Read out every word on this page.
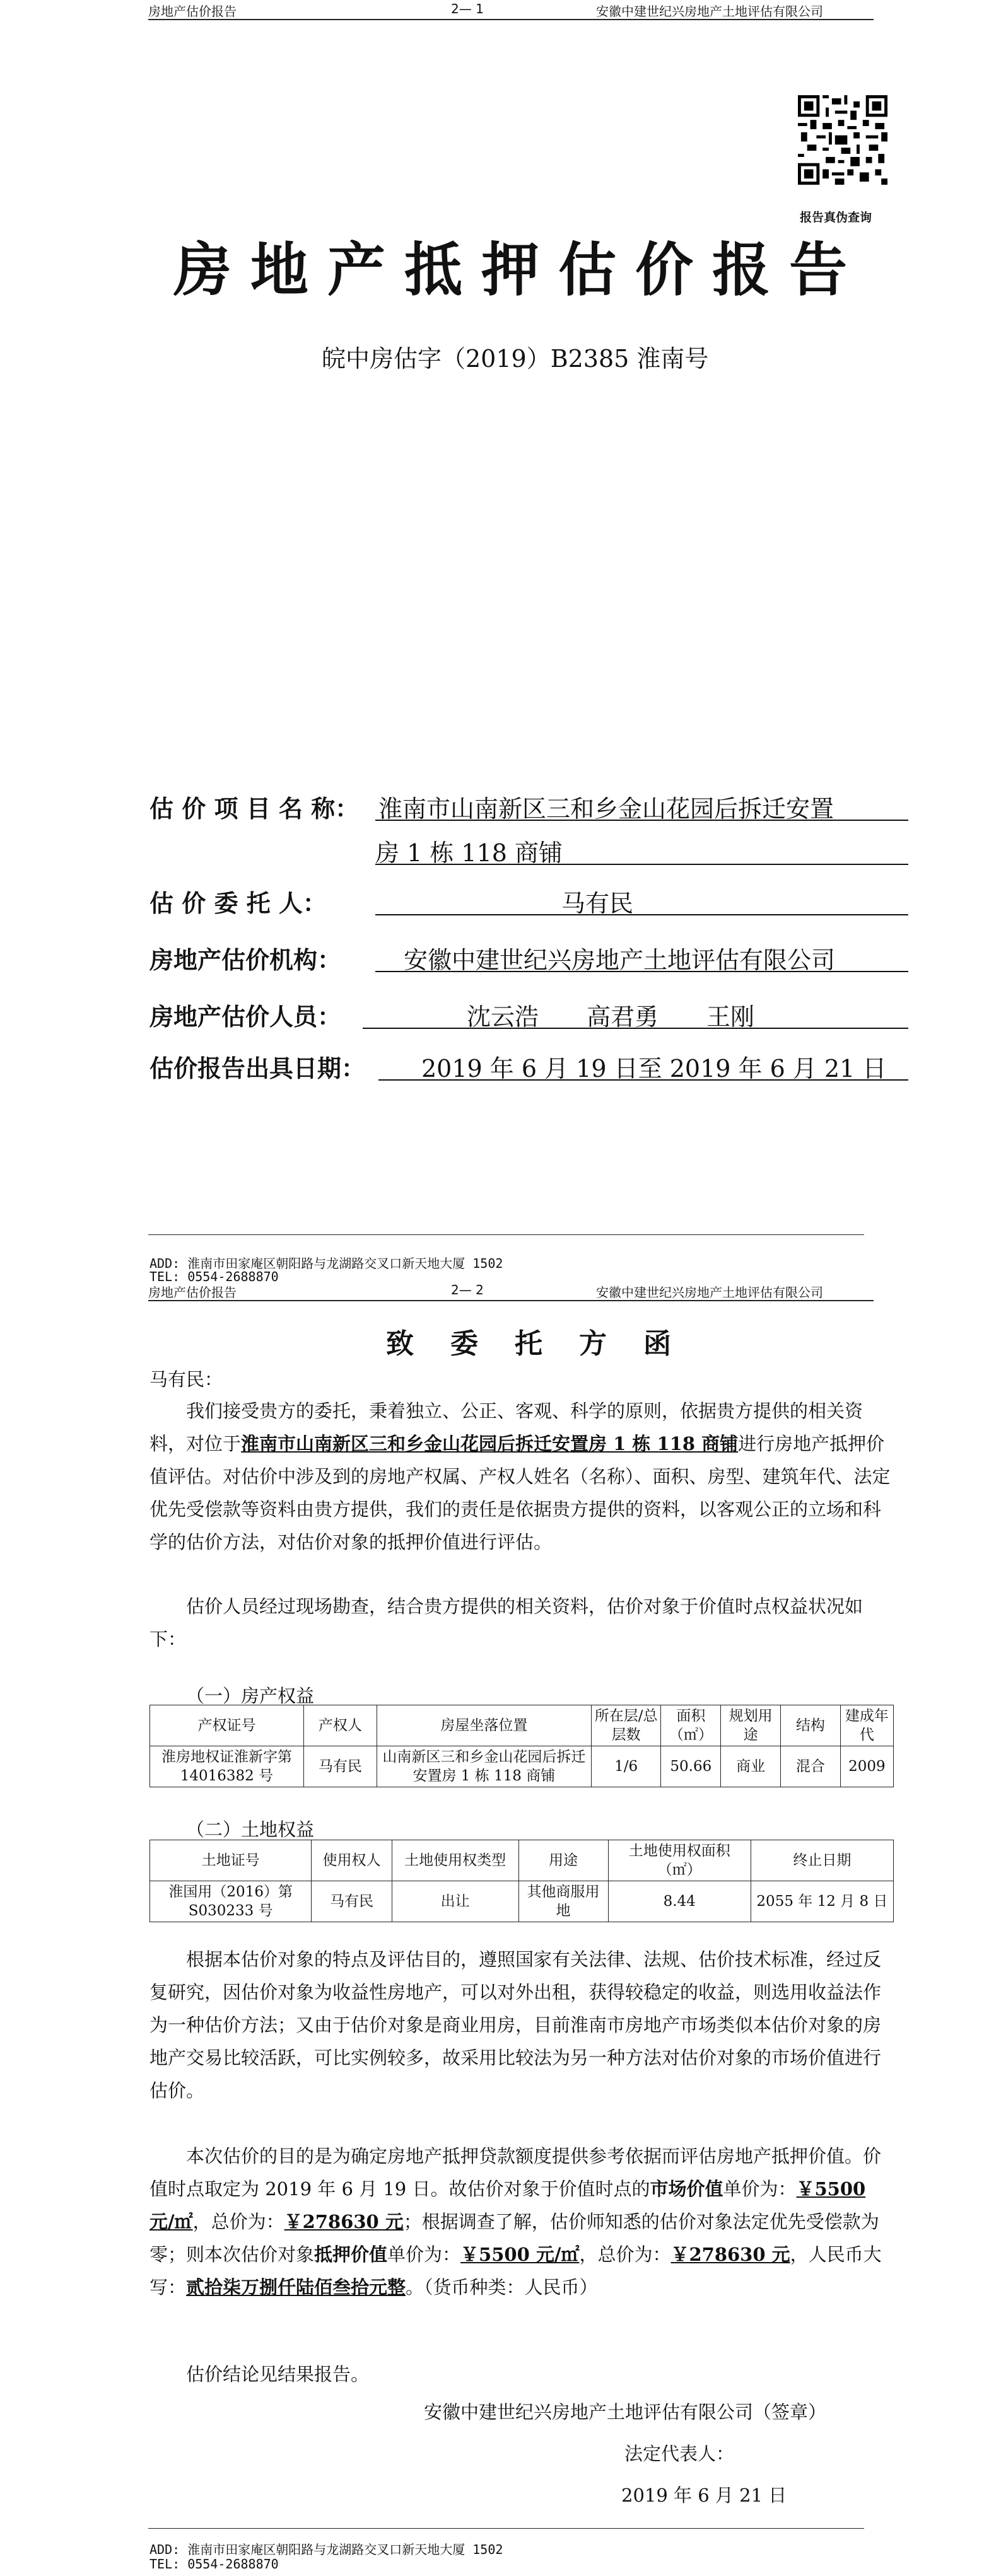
房地产估价报告	2— 1	安徽中建世纪兴房地产土地评估有限公司
报告真伪查询
房地产抵押估价报告
皖中房估字（2019）B2385 淮南号
估 价 项 目 名 称： 淮南市山南新区三和乡金山花园后拆迁安置
房 1 栋 118 商铺
估 价 委 托 人：	马有民
房地产估价机构：	安徽中建世纪兴房地产土地评估有限公司
房地产估价人员：	沈云浩　　高君勇　　王刚
估价报告出具日期： 2019 年 6 月 19 日至 2019 年 6 月 21 日
ADD: 淮南市田家庵区朝阳路与龙湖路交叉口新天地大厦 1502
TEL: 0554-2688870
房地产估价报告	2— 2	安徽中建世纪兴房地产土地评估有限公司
致委托方函
马有民：
我们接受贵方的委托，秉着独立、公正、客观、科学的原则，依据贵方提供的相关资料，对位于淮南市山南新区三和乡金山花园后拆迁安置房 1 栋 118 商铺进行房地产抵押价值评估。对估价中涉及到的房地产权属、产权人姓名（名称）、面积、房型、建筑年代、法定优先受偿款等资料由贵方提供，我们的责任是依据贵方提供的资料，以客观公正的立场和科学的估价方法，对估价对象的抵押价值进行评估。
估价人员经过现场勘查，结合贵方提供的相关资料，估价对象于价值时点权益状况如下：
（一）房产权益
产权证号	产权人	房屋坐落位置	所在层/总层数	面积（㎡）	规划用途	结构	建成年代
淮房地权证淮新字第 14016382 号	马有民	山南新区三和乡金山花园后拆迁安置房 1 栋 118 商铺	1/6	50.66	商业	混合	2009
（二）土地权益
土地证号	使用权人	土地使用权类型	用途	土地使用权面积（㎡）	终止日期
淮国用（2016）第 S030233 号	马有民	出让	其他商服用地	8.44	2055 年 12 月 8 日
根据本估价对象的特点及评估目的，遵照国家有关法律、法规、估价技术标准，经过反复研究，因估价对象为收益性房地产，可以对外出租，获得较稳定的收益，则选用收益法作为一种估价方法；又由于估价对象是商业用房，目前淮南市房地产市场类似本估价对象的房地产交易比较活跃，可比实例较多，故采用比较法为另一种方法对估价对象的市场价值进行估价。
本次估价的目的是为确定房地产抵押贷款额度提供参考依据而评估房地产抵押价值。价值时点取定为 2019 年 6 月 19 日。故估价对象于价值时点的市场价值单价为：￥5500 元/㎡，总价为：￥278630 元；根据调查了解，估价师知悉的估价对象法定优先受偿款为零；则本次估价对象抵押价值单价为：￥5500 元/㎡，总价为：￥278630 元，人民币大写：贰拾柒万捌仟陆佰叁拾元整。（货币种类：人民币）
估价结论见结果报告。
安徽中建世纪兴房地产土地评估有限公司（签章）
法定代表人：
2019 年 6 月 21 日
ADD: 淮南市田家庵区朝阳路与龙湖路交叉口新天地大厦 1502
TEL: 0554-2688870
